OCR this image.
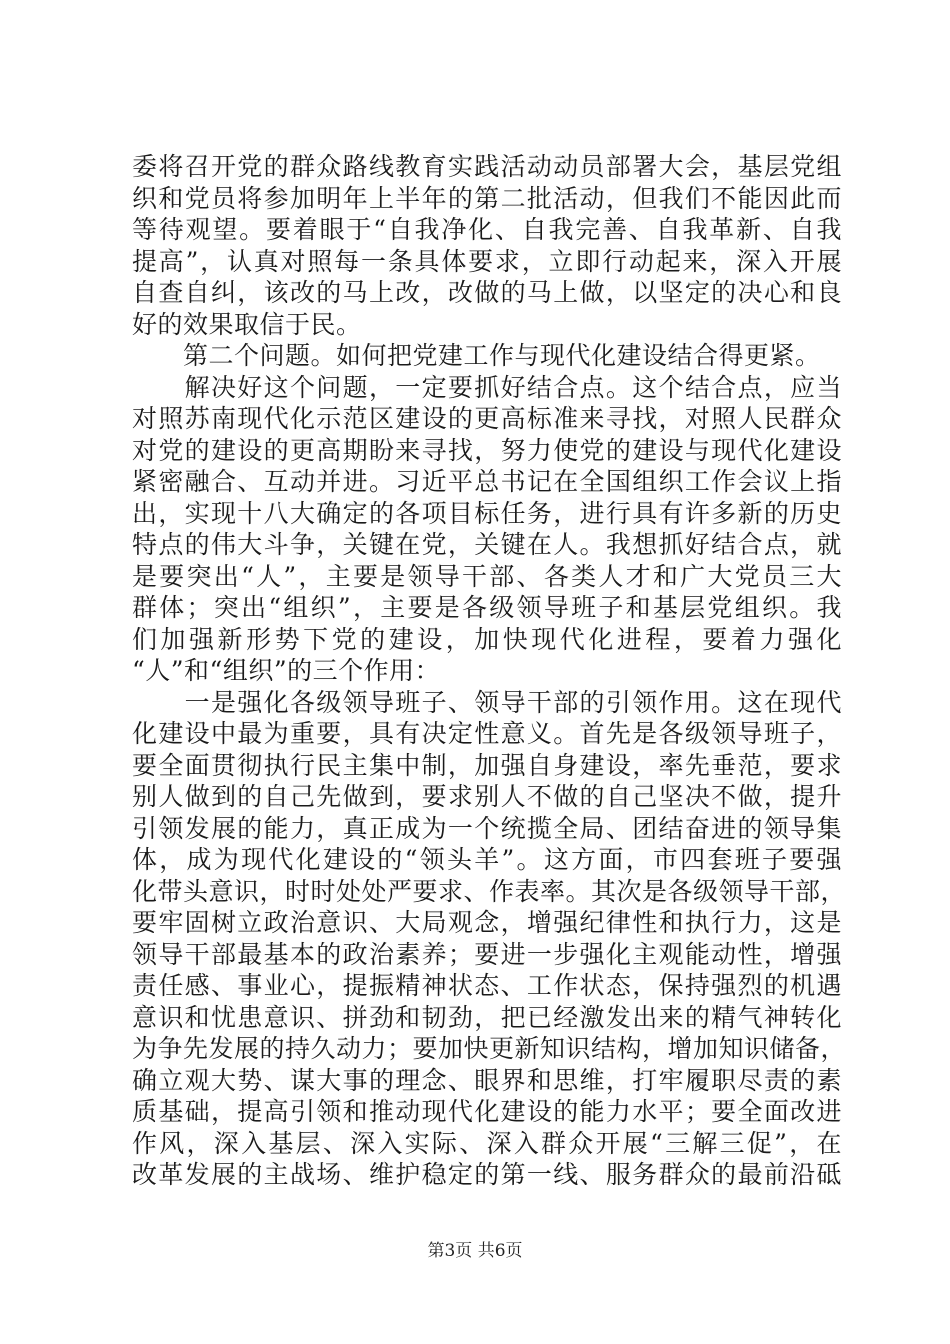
委将召开党的群众路线教育实践活动动员部署大会，基层党组
织和党员将参加明年上半年的第二批活动，但我们不能因此而
等待观望。要着眼于“自我净化、自我完善、自我革新、自我
提高”，认真对照每一条具体要求，立即行动起来，深入开展
自查自纠，该改的马上改，改做的马上做，以坚定的决心和良
好的效果取信于民。
　　第二个问题。如何把党建工作与现代化建设结合得更紧。
　　解决好这个问题，一定要抓好结合点。这个结合点，应当
对照苏南现代化示范区建设的更高标准来寻找，对照人民群众
对党的建设的更高期盼来寻找，努力使党的建设与现代化建设
紧密融合、互动并进。习近平总书记在全国组织工作会议上指
出，实现十八大确定的各项目标任务，进行具有许多新的历史
特点的伟大斗争，关键在党，关键在人。我想抓好结合点，就
是要突出“人”，主要是领导干部、各类人才和广大党员三大
群体；突出“组织”，主要是各级领导班子和基层党组织。我
们加强新形势下党的建设，加快现代化进程，要着力强化
“人”和“组织”的三个作用：
　　一是强化各级领导班子、领导干部的引领作用。这在现代
化建设中最为重要，具有决定性意义。首先是各级领导班子，
要全面贯彻执行民主集中制，加强自身建设，率先垂范，要求
别人做到的自己先做到，要求别人不做的自己坚决不做，提升
引领发展的能力，真正成为一个统揽全局、团结奋进的领导集
体，成为现代化建设的“领头羊”。这方面，市四套班子要强
化带头意识，时时处处严要求、作表率。其次是各级领导干部，
要牢固树立政治意识、大局观念，增强纪律性和执行力，这是
领导干部最基本的政治素养；要进一步强化主观能动性，增强
责任感、事业心，提振精神状态、工作状态，保持强烈的机遇
意识和忧患意识、拼劲和韧劲，把已经激发出来的精气神转化
为争先发展的持久动力；要加快更新知识结构，增加知识储备，
确立观大势、谋大事的理念、眼界和思维，打牢履职尽责的素
质基础，提高引领和推动现代化建设的能力水平；要全面改进
作风，深入基层、深入实际、深入群众开展“三解三促”，在
改革发展的主战场、维护稳定的第一线、服务群众的最前沿砥
第3页 共6页
